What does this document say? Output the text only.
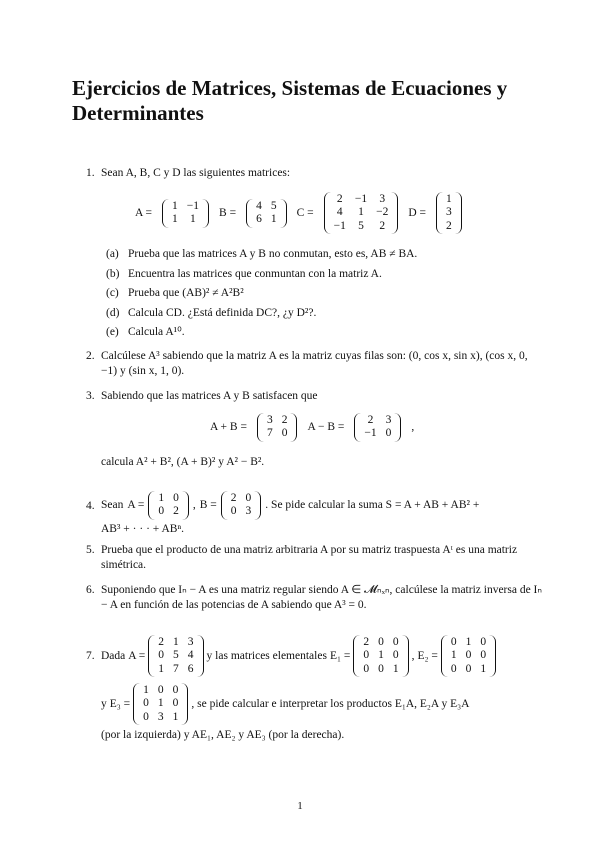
Ejercicios de Matrices, Sistemas de Ecuaciones y Determinantes
1. Sean A, B, C y D las siguientes matrices:
A =
1 −1
1 1 B =
4 5
6 1 C =
2 −1 3
4 1 −2
−1 5 2
D =
1
3
2
(a) Prueba que las matrices A y B no conmutan, esto es, AB ≠ BA.
(b) Encuentra las matrices que conmuntan con la matriz A.
(c) Prueba que (AB)² ≠ A²B²
(d) Calcula CD. ¿Está definida DC?, ¿y D²?.
(e) Calcula A¹⁰.
2. Calcúlese A³ sabiendo que la matriz A es la matriz cuyas filas son: (0, cos x, sin x), (cos x, 0, −1) y (sin x, 1, 0).
3. Sabiendo que las matrices A y B satisfacen que
A + B =
3 2
7 0 A − B =
2 3
−1 0 ,
calcula A² + B², (A + B)² y A² − B².
4. Sean A =
1 0
0 2
, B =
2 0
0 3
. Se pide calcular la suma S = A + AB + AB² +
AB³ + · · · + ABⁿ.
5. Prueba que el producto de una matriz arbitraria A por su matriz traspuesta Aᵗ es una matriz simétrica.
6. Suponiendo que Iₙ − A es una matriz regular siendo A ∈ 𝓜ₙₓₙ, calcúlese la matriz inversa de Iₙ − A en función de las potencias de A sabiendo que A³ = 0.
7. Dada A =
2 1 3
0 5 4
1 7 6
y las matrices elementales E₁ =
2 0 0
0 1 0
0 0 1
, E₂ =
0 1 0
1 0 0
0 0 1
y E₃ =
1 0 0
0 1 0
0 3 1
, se pide calcular e interpretar los productos E₁A, E₂A y E₃A
(por la izquierda) y AE₁, AE₂ y AE₃ (por la derecha).
1
